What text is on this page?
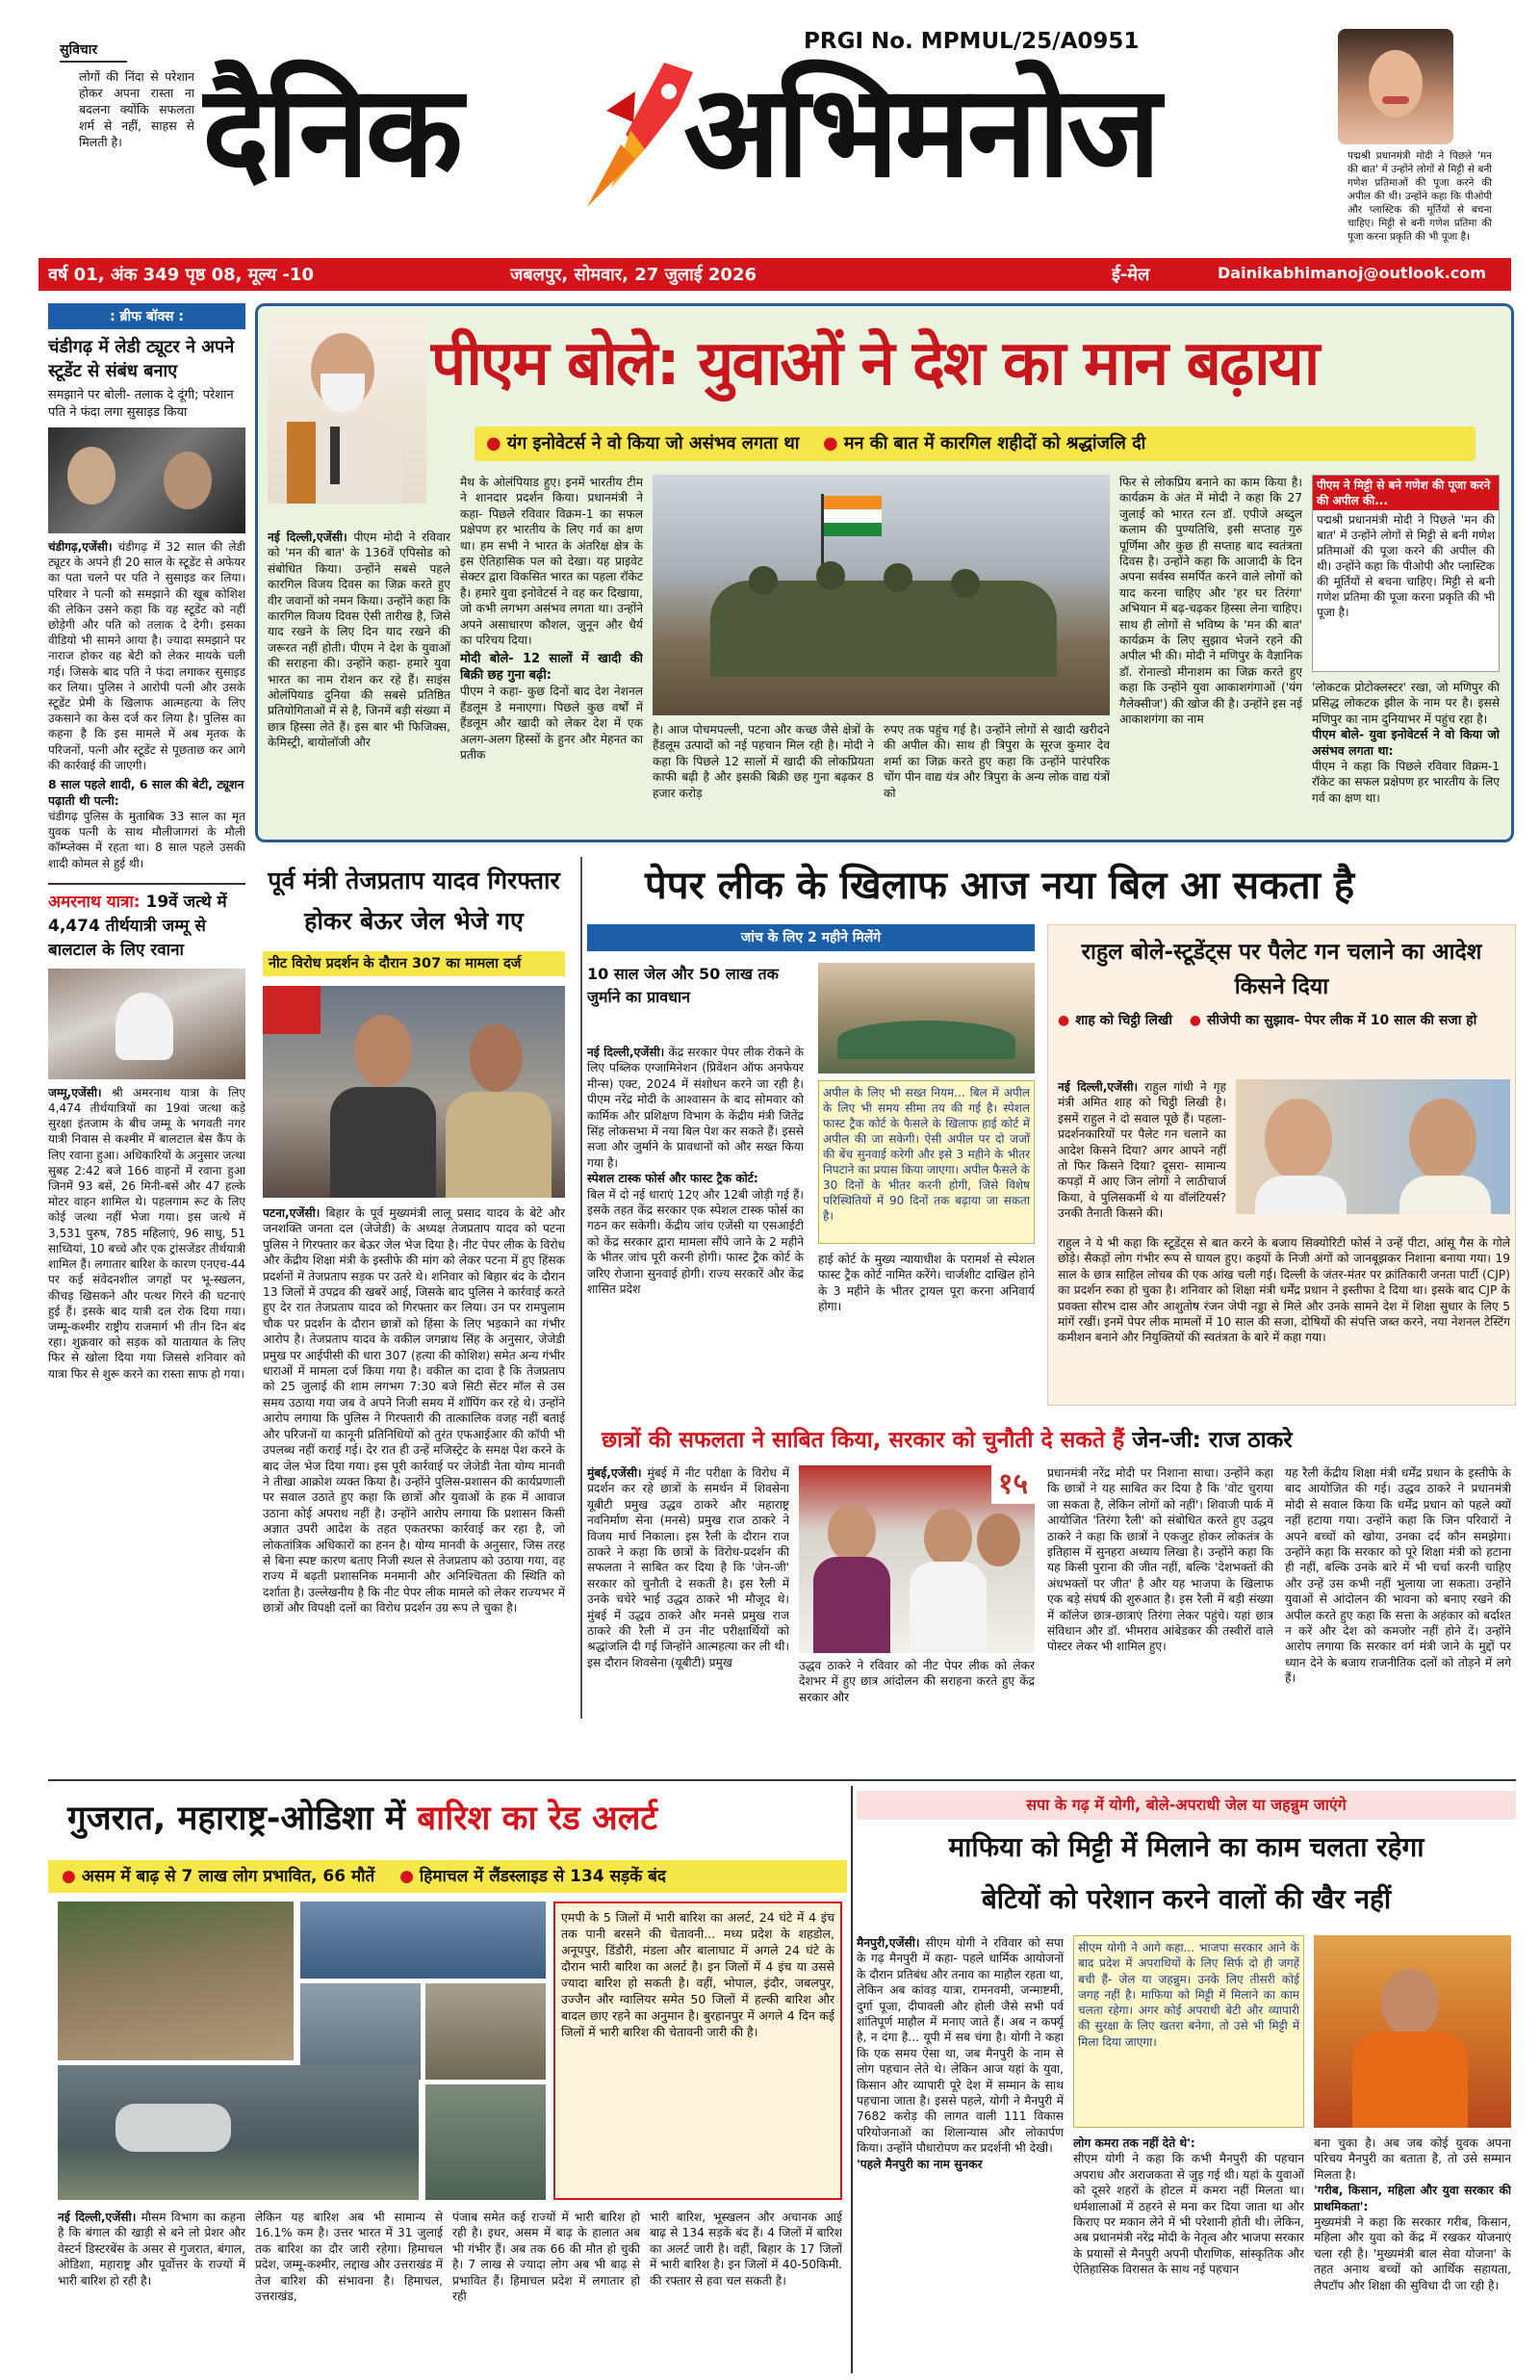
PRGI No. MPMUL/25/A0951
सुविचार
लोगों की निंदा से परेशान होकर अपना रास्ता ना बदलना क्योंकि सफलता शर्म से नहीं, साहस से मिलती है। दैनिक अभिमनोज	पद्मश्री प्रधानमंत्री मोदी ने पिछले 'मन की बात' में उन्होंने लोगों से मिट्टी से बनी गणेश प्रतिमाओं की पूजा करने की अपील की थी। उन्होंने कहा कि पीओपी और प्लास्टिक की मूर्तियों से बचना चाहिए। मिट्टी से बनी गणेश प्रतिमा की पूजा करना प्रकृति की भी पूजा है।
वर्ष 01, अंक 349 पृष्ठ 08, मूल्य -10	जबलपुर, सोमवार, 27 जुलाई 2026	ई-मेल	Dainikabhimanoj@outlook.com
: ब्रीफ बॉक्स :
चंडीगढ़ में लेडी ट्यूटर ने अपने स्टूडेंट से संबंध बनाए
समझाने पर बोली- तलाक दे दूंगी; परेशान पति ने फंदा लगा सुसाइड किया
चंडीगढ़,एजेंसी। चंडीगढ़ में 32 साल की लेडी ट्यूटर के अपने ही 20 साल के स्टूडेंट से अफेयर का पता चलने पर पति ने सुसाइड कर लिया। परिवार ने पत्नी को समझाने की खूब कोशिश की लेकिन उसने कहा कि वह स्टूडेंट को नहीं छोड़ेगी और पति को तलाक दे देगी। इसका वीडियो भी सामने आया है। ज्यादा समझाने पर नाराज होकर वह बेटी को लेकर मायके चली गई। जिसके बाद पति ने फंदा लगाकर सुसाइड कर लिया। पुलिस ने आरोपी पत्नी और उसके स्टूडेंट प्रेमी के खिलाफ आत्महत्या के लिए उकसाने का केस दर्ज कर लिया है। पुलिस का कहना है कि इस मामले में अब मृतक के परिजनों, पत्नी और स्टूडेंट से पूछताछ कर आगे की कार्रवाई की जाएगी।
8 साल पहले शादी, 6 साल की बेटी, ट्यूशन पढ़ाती थी पत्नी:
चंडीगढ़ पुलिस के मुताबिक 33 साल का मृत युवक पत्नी के साथ मौलीजागरां के मौली कॉम्प्लेक्स में रहता था। 8 साल पहले उसकी शादी कोमल से हुई थी।
अमरनाथ यात्रा: 19वें जत्थे में 4,474 तीर्थयात्री जम्मू से बालटाल के लिए रवाना
जम्मू,एजेंसी। श्री अमरनाथ यात्रा के लिए 4,474 तीर्थयात्रियों का 19वां जत्था कड़े सुरक्षा इंतजाम के बीच जम्मू के भगवती नगर यात्री निवास से कश्मीर में बालटाल बेस कैंप के लिए रवाना हुआ। अधिकारियों के अनुसार जत्था सुबह 2:42 बजे 166 वाहनों में रवाना हुआ जिनमें 93 बसें, 26 मिनी-बसें और 47 हल्के मोटर वाहन शामिल थे। पहलगाम रूट के लिए कोई जत्था नहीं भेजा गया। इस जत्थे में 3,531 पुरुष, 785 महिलाएं, 96 साधु, 51 साध्वियां, 10 बच्चे और एक ट्रांसजेंडर तीर्थयात्री शामिल हैं। लगातार बारिश के कारण एनएच-44 पर कई संवेदनशील जगहों पर भू-स्खलन, कीचड़ खिसकने और पत्थर गिरने की घटनाएं हुई हैं। इसके बाद यात्री दल रोक दिया गया। जम्मू-कश्मीर राष्ट्रीय राजमार्ग भी तीन दिन बंद रहा। शुक्रवार को सड़क को यातायात के लिए फिर से खोला दिया गया जिससे शनिवार को यात्रा फिर से शुरू करने का रास्ता साफ हो गया।
पीएम बोले: युवाओं ने देश का मान बढ़ाया
● यंग इनोवेटर्स ने वो किया जो असंभव लगता था	● मन की बात में कारगिल शहीदों को श्रद्धांजलि दी
नई दिल्ली,एजेंसी। पीएम मोदी ने रविवार को 'मन की बात' के 136वें एपिसोड को संबोधित किया। उन्होंने सबसे पहले कारगिल विजय दिवस का जिक्र करते हुए वीर जवानों को नमन किया। उन्होंने कहा कि कारगिल विजय दिवस ऐसी तारीख है, जिसे याद रखने के लिए दिन याद रखने की जरूरत नहीं होती। पीएम ने देश के युवाओं की सराहना की। उन्होंने कहा- हमारे युवा भारत का नाम रोशन कर रहे हैं। साइंस ओलंपियाड दुनिया की सबसे प्रतिष्ठित प्रतियोगिताओं में से है, जिनमें बड़ी संख्या में छात्र हिस्सा लेते हैं। इस बार भी फिजिक्स, केमिस्ट्री, बायोलॉजी और
मैथ के ओलंपियाड हुए। इनमें भारतीय टीम ने शानदार प्रदर्शन किया। प्रधानमंत्री ने कहा- पिछले रविवार विक्रम-1 का सफल प्रक्षेपण हर भारतीय के लिए गर्व का क्षण था। हम सभी ने भारत के अंतरिक्ष क्षेत्र के इस ऐतिहासिक पल को देखा। यह प्राइवेट सेक्टर द्वारा विकसित भारत का पहला रॉकेट है। हमारे युवा इनोवेटर्स ने वह कर दिखाया, जो कभी लगभग असंभव लगता था। उन्होंने अपने असाधारण कौशल, जुनून और धैर्य का परिचय दिया।
मोदी बोले- 12 सालों में खादी की बिक्री छह गुना बढ़ी:
पीएम ने कहा- कुछ दिनों बाद देश नेशनल हैंडलूम डे मनाएगा। पिछले कुछ वर्षों में हैंडलूम और खादी को लेकर देश में एक अलग-अलग हिस्सों के हुनर और मेहनत का प्रतीक
है। आज पोचमपल्ली, पटना और कच्छ जैसे क्षेत्रों के हैंडलूम उत्पादों को नई पहचान मिल रही है। मोदी ने कहा कि पिछले 12 सालों में खादी की लोकप्रियता काफी बढ़ी है और इसकी बिक्री छह गुना बढ़कर 8 हजार करोड़
रुपए तक पहुंच गई है। उन्होंने लोगों से खादी खरीदने की अपील की। साथ ही त्रिपुरा के सूरज कुमार देव शर्मा का जिक्र करते हुए कहा कि उन्होंने पारंपरिक चोंग पीन वाद्य यंत्र और त्रिपुरा के अन्य लोक वाद्य यंत्रों को
फिर से लोकप्रिय बनाने का काम किया है। कार्यक्रम के अंत में मोदी ने कहा कि 27 जुलाई को भारत रत्न डॉ. एपीजे अब्दुल कलाम की पुण्यतिथि, इसी सप्ताह गुरु पूर्णिमा और कुछ ही सप्ताह बाद स्वतंत्रता दिवस है। उन्होंने कहा कि आजादी के दिन अपना सर्वस्व समर्पित करने वाले लोगों को याद करना चाहिए और 'हर घर तिरंगा' अभियान में बढ़-चढ़कर हिस्सा लेना चाहिए। साथ ही लोगों से भविष्य के 'मन की बात' कार्यक्रम के लिए सुझाव भेजने रहने की अपील भी की। मोदी ने मणिपुर के वैज्ञानिक डॉ. रोनाल्डो मीनाशम का जिक्र करते हुए कहा कि उन्होंने युवा आकाशगंगाओं ('यंग गैलेक्सीज') की खोज की है। उन्होंने इस नई आकाशगंगा का नाम
पीएम ने मिट्टी से बने गणेश की पूजा करने की अपील की...
पद्मश्री प्रधानमंत्री मोदी ने पिछले 'मन की बात' में उन्होंने लोगों से मिट्टी से बनी गणेश प्रतिमाओं की पूजा करने की अपील की थी। उन्होंने कहा कि पीओपी और प्लास्टिक की मूर्तियों से बचना चाहिए। मिट्टी से बनी गणेश प्रतिमा की पूजा करना प्रकृति की भी पूजा है।
'लोकटक प्रोटोक्लस्टर' रखा, जो मणिपुर की प्रसिद्ध लोकटक झील के नाम पर है। इससे मणिपुर का नाम दुनियाभर में पहुंच रहा है।
पीएम बोले- युवा इनोवेटर्स ने वो किया जो असंभव लगता था:
पीएम ने कहा कि पिछले रविवार विक्रम-1 रॉकेट का सफल प्रक्षेपण हर भारतीय के लिए गर्व का क्षण था।
पूर्व मंत्री तेजप्रताप यादव गिरफ्तार होकर बेऊर जेल भेजे गए
नीट विरोध प्रदर्शन के दौरान 307 का मामला दर्ज
पटना,एजेंसी। बिहार के पूर्व मुख्यमंत्री लालू प्रसाद यादव के बेटे और जनशक्ति जनता दल (जेजेडी) के अध्यक्ष तेजप्रताप यादव को पटना पुलिस ने गिरफ्तार कर बेऊर जेल भेज दिया है। नीट पेपर लीक के विरोध और केंद्रीय शिक्षा मंत्री के इस्तीफे की मांग को लेकर पटना में हुए हिंसक प्रदर्शनों में तेजप्रताप सड़क पर उतरे थे। शनिवार को बिहार बंद के दौरान 13 जिलों में उपद्रव की खबरें आई, जिसके बाद पुलिस ने कार्रवाई करते हुए देर रात तेजप्रताप यादव को गिरफ्तार कर लिया। उन पर रामपुलाम चौक पर प्रदर्शन के दौरान छात्रों को हिंसा के लिए भड़काने का गंभीर आरोप है। तेजप्रताप यादव के वकील जगन्नाथ सिंह के अनुसार, जेजेडी प्रमुख पर आईपीसी की धारा 307 (हत्या की कोशिश) समेत अन्य गंभीर धाराओं में मामला दर्ज किया गया है। वकील का दावा है कि तेजप्रताप को 25 जुलाई की शाम लगभग 7:30 बजे सिटी सेंटर मॉल से उस समय उठाया गया जब वे अपने निजी समय में शॉपिंग कर रहे थे। उन्होंने आरोप लगाया कि पुलिस ने गिरफ्तारी की तात्कालिक वजह नहीं बताई और परिजनों या कानूनी प्रतिनिधियों को तुरंत एफआईआर की कॉपी भी उपलब्ध नहीं कराई गई। देर रात ही उन्हें मजिस्ट्रेट के समक्ष पेश करने के बाद जेल भेज दिया गया। इस पूरी कार्रवाई पर जेजेडी नेता योग्य मानवी ने तीखा आक्रोश व्यक्त किया है। उन्होंने पुलिस-प्रशासन की कार्यप्रणाली पर सवाल उठाते हुए कहा कि छात्रों और युवाओं के हक में आवाज उठाना कोई अपराध नहीं है। उन्होंने आरोप लगाया कि प्रशासन किसी अज्ञात उपरी आदेश के तहत एकतरफा कार्रवाई कर रहा है, जो लोकतांत्रिक अधिकारों का हनन है। योग्य मानवी के अनुसार, जिस तरह से बिना स्पष्ट कारण बताए निजी स्थल से तेजप्रताप को उठाया गया, वह राज्य में बढ़ती प्रशासनिक मनमानी और अनिश्चितता की स्थिति को दर्शाता है। उल्लेखनीय है कि नीट पेपर लीक मामले को लेकर राज्यभर में छात्रों और विपक्षी दलों का विरोध प्रदर्शन उग्र रूप ले चुका है।
पेपर लीक के खिलाफ आज नया बिल आ सकता है
जांच के लिए 2 महीने मिलेंगे
10 साल जेल और 50 लाख तक जुर्माने का प्रावधान
नई दिल्ली,एजेंसी। केंद्र सरकार पेपर लीक रोकने के लिए पब्लिक एग्जामिनेशन (प्रिवेंशन ऑफ अनफेयर मीन्स) एक्ट, 2024 में संशोधन करने जा रही है। पीएम नरेंद्र मोदी के आश्वासन के बाद सोमवार को कार्मिक और प्रशिक्षण विभाग के केंद्रीय मंत्री जितेंद्र सिंह लोकसभा में नया बिल पेश कर सकते हैं। इससे सजा और जुर्माने के प्रावधानों को और सख्त किया गया है।
स्पेशल टास्क फोर्स और फास्ट ट्रैक कोर्ट:
बिल में दो नई धाराएं 12ए और 12बी जोड़ी गई हैं। इसके तहत केंद्र सरकार एक स्पेशल टास्क फोर्स का गठन कर सकेगी। केंद्रीय जांच एजेंसी या एसआईटी को केंद्र सरकार द्वारा मामला सौंपे जाने के 2 महीने के भीतर जांच पूरी करनी होगी। फास्ट ट्रैक कोर्ट के जरिए रोजाना सुनवाई होगी। राज्य सरकारें और केंद्र शासित प्रदेश
अपील के लिए भी सख्त नियम... बिल में अपील के लिए भी समय सीमा तय की गई है। स्पेशल फास्ट ट्रैक कोर्ट के फैसले के खिलाफ हाई कोर्ट में अपील की जा सकेगी। ऐसी अपील पर दो जजों की बेंच सुनवाई करेगी और इसे 3 महीने के भीतर निपटाने का प्रयास किया जाएगा। अपील फैसले के 30 दिनों के भीतर करनी होगी, जिसे विशेष परिस्थितियों में 90 दिनों तक बढ़ाया जा सकता है।
हाई कोर्ट के मुख्य न्यायाधीश के परामर्श से स्पेशल फास्ट ट्रैक कोर्ट नामित करेंगे। चार्जशीट दाखिल होने के 3 महीने के भीतर ट्रायल पूरा करना अनिवार्य होगा।
राहुल बोले-स्टूडेंट्स पर पैलेट गन चलाने का आदेश किसने दिया
● शाह को चिट्ठी लिखी	● सीजेपी का सुझाव- पेपर लीक में 10 साल की सजा हो
नई दिल्ली,एजेंसी। राहुल गांधी ने गृह मंत्री अमित शाह को चिट्ठी लिखी है। इसमें राहुल ने दो सवाल पूछे हैं। पहला- प्रदर्शनकारियों पर पैलेट गन चलाने का आदेश किसने दिया? अगर आपने नहीं तो फिर किसने दिया? दूसरा- सामान्य कपड़ों में आए जिन लोगों ने लाठीचार्ज किया, वे पुलिसकर्मी थे या वॉलंटियर्स? उनकी तैनाती किसने की।
राहुल ने ये भी कहा कि स्टूडेंट्स से बात करने के बजाय सिक्योरिटी फोर्स ने उन्हें पीटा, आंसू गैस के गोले छोड़े। सैकड़ों लोग गंभीर रूप से घायल हुए। कइयों के निजी अंगों को जानबूझकर निशाना बनाया गया। 19 साल के छात्र साहिल लोचब की एक आंख चली गई। दिल्ली के जंतर-मंतर पर क्रांतिकारी जनता पार्टी (CJP) का प्रदर्शन रुका हो चुका है। शनिवार को शिक्षा मंत्री धर्मेंद्र प्रधान ने इस्तीफा दे दिया था। इसके बाद CJP के प्रवक्ता सौरभ दास और आशुतोष रंजन जेपी नड्डा से मिले और उनके सामने देश में शिक्षा सुधार के लिए 5 मांगें रखीं। इनमें पेपर लीक मामलों में 10 साल की सजा, दोषियों की संपत्ति जब्त करने, नया नेशनल टेस्टिंग कमीशन बनाने और नियुक्तियों की स्वतंत्रता के बारे में कहा गया।
छात्रों की सफलता ने साबित किया, सरकार को चुनौती दे सकते हैं जेन-जी: राज ठाकरे
मुंबई,एजेंसी। मुंबई में नीट परीक्षा के विरोध में प्रदर्शन कर रहे छात्रों के समर्थन में शिवसेना यूबीटी प्रमुख उद्धव ठाकरे और महाराष्ट्र नवनिर्माण सेना (मनसे) प्रमुख राज ठाकरे ने विजय मार्च निकाला। इस रैली के दौरान राज ठाकरे ने कहा कि छात्रों के विरोध-प्रदर्शन की सफलता ने साबित कर दिया है कि 'जेन-जी' सरकार को चुनौती दे सकती है। इस रैली में उनके चचेरे भाई उद्धव ठाकरे भी मौजूद थे। मुंबई में उद्धव ठाकरे और मनसे प्रमुख राज ठाकरे की रैली में उन नीट परीक्षार्थियों को श्रद्धांजलि दी गई जिन्होंने आत्महत्या कर ली थी। इस दौरान शिवसेना (यूबीटी) प्रमुख
१५
उद्धव ठाकरे ने रविवार को नीट पेपर लीक को लेकर देशभर में हुए छात्र आंदोलन की सराहना करते हुए केंद्र सरकार और
प्रधानमंत्री नरेंद्र मोदी पर निशाना साधा। उन्होंने कहा कि छात्रों ने यह साबित कर दिया है कि 'वोट चुराया जा सकता है, लेकिन लोगों को नहीं'। शिवाजी पार्क में आयोजित 'तिरंगा रैली' को संबोधित करते हुए उद्धव ठाकरे ने कहा कि छात्रों ने एकजुट होकर लोकतंत्र के इतिहास में सुनहरा अध्याय लिखा है। उन्होंने कहा कि यह किसी पुराना की जीत नहीं, बल्कि 'देशभक्तों की अंधभक्तों पर जीत' है और यह भाजपा के खिलाफ एक बड़े संघर्ष की शुरुआत है। इस रैली में बड़ी संख्या में कॉलेज छात्र-छात्राएं तिरंगा लेकर पहुंचे। यहां छात्र संविधान और डॉ. भीमराव आंबेडकर की तस्वीरों वाले पोस्टर लेकर भी शामिल हुए।
यह रैली केंद्रीय शिक्षा मंत्री धर्मेंद्र प्रधान के इस्तीफे के बाद आयोजित की गई। उद्धव ठाकरे ने प्रधानमंत्री मोदी से सवाल किया कि धर्मेंद्र प्रधान को पहले क्यों नहीं हटाया गया। उन्होंने कहा कि जिन परिवारों ने अपने बच्चों को खोया, उनका दर्द कौन समझेगा। उन्होंने कहा कि सरकार को पूरे शिक्षा मंत्री को हटाना ही नहीं, बल्कि उनके बारे में भी चर्चा करनी चाहिए और उन्हें उस कभी नहीं भुलाया जा सकता। उन्होंने युवाओं से आंदोलन की भावना को बनाए रखने की अपील करते हुए कहा कि सत्ता के अहंकार को बर्दाश्त न करें और देश को कमजोर नहीं होने दें। उन्होंने आरोप लगाया कि सरकार वर्ग मंत्री जाने के मुद्दों पर ध्यान देने के बजाय राजनीतिक दलों को तोड़ने में लगे हैं।
गुजरात, महाराष्ट्र-ओडिशा में बारिश का रेड अलर्ट
● असम में बाढ़ से 7 लाख लोग प्रभावित, 66 मौतें	● हिमाचल में लैंडस्लाइड से 134 सड़कें बंद
एमपी के 5 जिलों में भारी बारिश का अलर्ट, 24 घंटे में 4 इंच तक पानी बरसने की चेतावनी... मध्य प्रदेश के शहडोल, अनूपपुर, डिंडौरी, मंडला और बालाघाट में अगले 24 घंटे के दौरान भारी बारिश का अलर्ट है। इन जिलों में 4 इंच या उससे ज्यादा बारिश हो सकती है। वहीं, भोपाल, इंदौर, जबलपुर, उज्जैन और ग्वालियर समेत 50 जिलों में हल्की बारिश और बादल छाए रहने का अनुमान है। बुरहानपुर में अगले 4 दिन कई जिलों में भारी बारिश की चेतावनी जारी की है।
नई दिल्ली,एजेंसी। मौसम विभाग का कहना है कि बंगाल की खाड़ी से बने लो प्रेशर और वेस्टर्न डिस्टरबेंस के असर से गुजरात, बंगाल, ओडिशा, महाराष्ट्र और पूर्वोत्तर के राज्यों में भारी बारिश हो रही है।
लेकिन यह बारिश अब भी सामान्य से 16.1% कम है। उत्तर भारत में 31 जुलाई तक बारिश का दौर जारी रहेगा। हिमाचल प्रदेश, जम्मू-कश्मीर, लद्दाख और उत्तराखंड में तेज बारिश की संभावना है। हिमाचल, उत्तराखंड,
पंजाब समेत कई राज्यों में भारी बारिश हो रही है। इधर, असम में बाढ़ के हालात अब भी गंभीर हैं। अब तक 66 की मौत हो चुकी है। 7 लाख से ज्यादा लोग अब भी बाढ़ से प्रभावित हैं। हिमाचल प्रदेश में लगातार हो रही
भारी बारिश, भूस्खलन और अचानक आई बाढ़ से 134 सड़कें बंद हैं। 4 जिलों में बारिश का अलर्ट जारी है। वहीं, बिहार के 17 जिलों में भारी बारिश है। इन जिलों में 40-50किमी. की रफ्तार से हवा चल सकती है।
सपा के गढ़ में योगी, बोले-अपराधी जेल या जहन्नुम जाएंगे
माफिया को मिट्टी में मिलाने का काम चलता रहेगा
बेटियों को परेशान करने वालों की खैर नहीं
मैनपुरी,एजेंसी। सीएम योगी ने रविवार को सपा के गढ़ मैनपुरी में कहा- पहले धार्मिक आयोजनों के दौरान प्रतिबंध और तनाव का माहौल रहता था, लेकिन अब कांवड़ यात्रा, रामनवमी, जन्माष्टमी, दुर्गा पूजा, दीपावली और होली जैसे सभी पर्व शांतिपूर्ण माहौल में मनाए जाते हैं। अब न कर्फ्यू है, न दंगा है... यूपी में सब चंगा है। योगी ने कहा कि एक समय ऐसा था, जब मैनपुरी के नाम से लोग पहचान लेते थे। लेकिन आज यहां के युवा, किसान और व्यापारी पूरे देश में सम्मान के साथ पहचाना जाता है। इससे पहले, योगी ने मैनपुरी में 7682 करोड़ की लागत वाली 111 विकास परियोजनाओं का शिलान्यास और लोकार्पण किया। उन्होंने पौधारोपण कर प्रदर्शनी भी देखी।
'पहले मैनपुरी का नाम सुनकर
सीएम योगी ने आगे कहा... भाजपा सरकार आने के बाद प्रदेश में अपराधियों के लिए सिर्फ दो ही जगहें बची हैं- जेल या जहन्नुम। उनके लिए तीसरी कोई जगह नहीं है। माफिया को मिट्टी में मिलाने का काम चलता रहेगा। अगर कोई अपराधी बेटी और व्यापारी की सुरक्षा के लिए खतरा बनेगा, तो उसे भी मिट्टी में मिला दिया जाएगा।
लोग कमरा तक नहीं देते थे':
सीएम योगी ने कहा कि कभी मैनपुरी की पहचान अपराध और अराजकता से जुड़ गई थी। यहां के युवाओं को दूसरे शहरों के होटल में कमरा नहीं मिलता था। धर्मशालाओं में ठहरने से मना कर दिया जाता था और किराए पर मकान लेने में भी परेशानी होती थी। लेकिन, अब प्रधानमंत्री नरेंद्र मोदी के नेतृत्व और भाजपा सरकार के प्रयासों से मैनपुरी अपनी पौराणिक, सांस्कृतिक और ऐतिहासिक विरासत के साथ नई पहचान
बना चुका है। अब जब कोई युवक अपना परिचय मैनपुरी का बताता है, तो उसे सम्मान मिलता है।
'गरीब, किसान, महिला और युवा सरकार की प्राथमिकता':
मुख्यमंत्री ने कहा कि सरकार गरीब, किसान, महिला और युवा को केंद्र में रखकर योजनाएं चला रही है। 'मुख्यमंत्री बाल सेवा योजना' के तहत अनाथ बच्चों को आर्थिक सहायता, लैपटॉप और शिक्षा की सुविधा दी जा रही है।
